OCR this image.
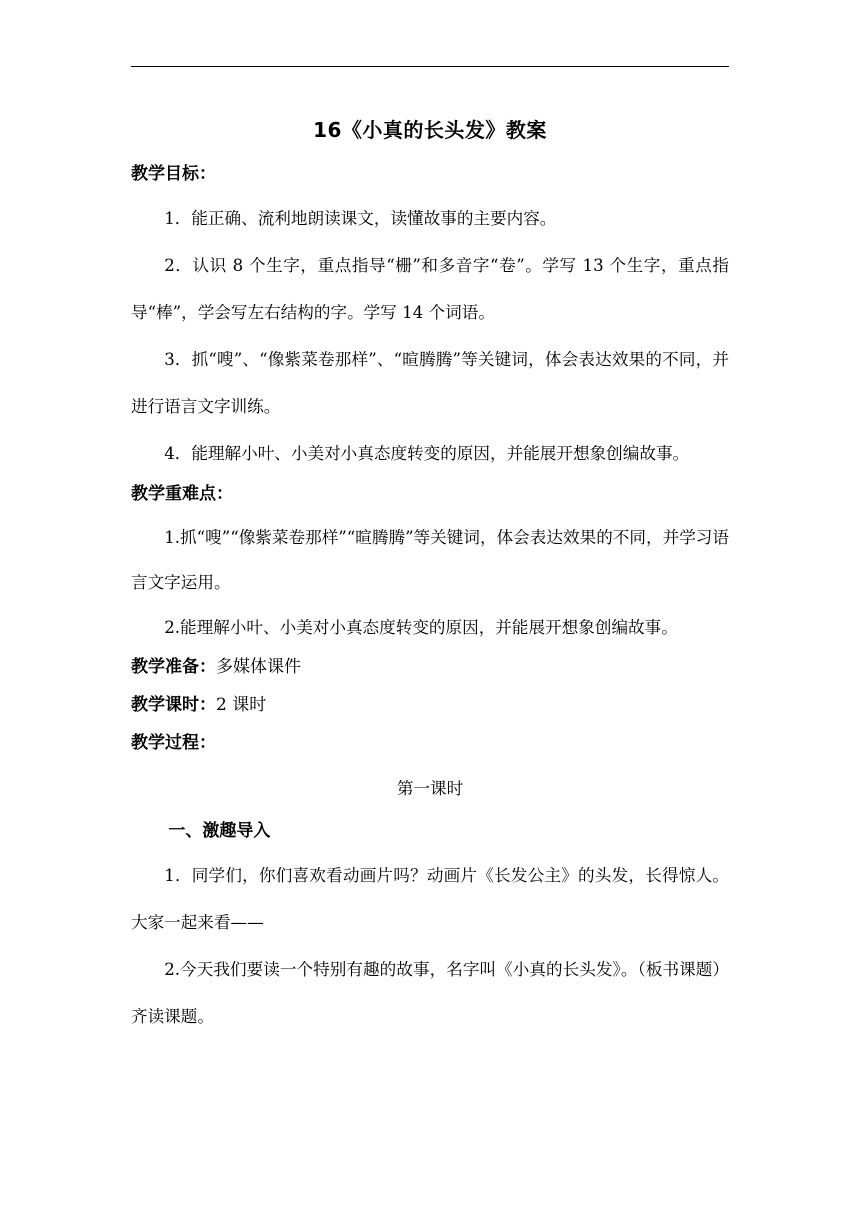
16《小真的长头发》教案
教学目标：

1．能正确、流利地朗读课文，读懂故事的主要内容。

2．认识 8 个生字，重点指导“栅”和多音字“卷”。学写 13 个生字，重点指导“棒”，学会写左右结构的字。学写 14 个词语。

3．抓“嗖”、“像紫菜卷那样”、“暄腾腾”等关键词，体会表达效果的不同，并进行语言文字训练。

4．能理解小叶、小美对小真态度转变的原因，并能展开想象创编故事。

教学重难点：

1.抓“嗖”“像紫菜卷那样”“暄腾腾”等关键词，体会表达效果的不同，并学习语言文字运用。

2.能理解小叶、小美对小真态度转变的原因，并能展开想象创编故事。

教学准备：多媒体课件
教学课时：2 课时
教学过程：
第一课时
一、激趣导入

1．同学们，你们喜欢看动画片吗？动画片《长发公主》的头发，长得惊人。大家一起来看——

2.今天我们要读一个特别有趣的故事，名字叫《小真的长头发》。（板书课题）齐读课题。
